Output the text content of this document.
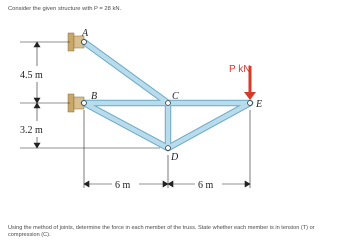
Consider the given structure with P = 28 kN.
A
B	C
D
E
P kN
4.5 m
3.2 m
6 m	6 m
Using the method of joints, determine the force in each member of the truss. State whether each member is in tension (T) or compression (C).
